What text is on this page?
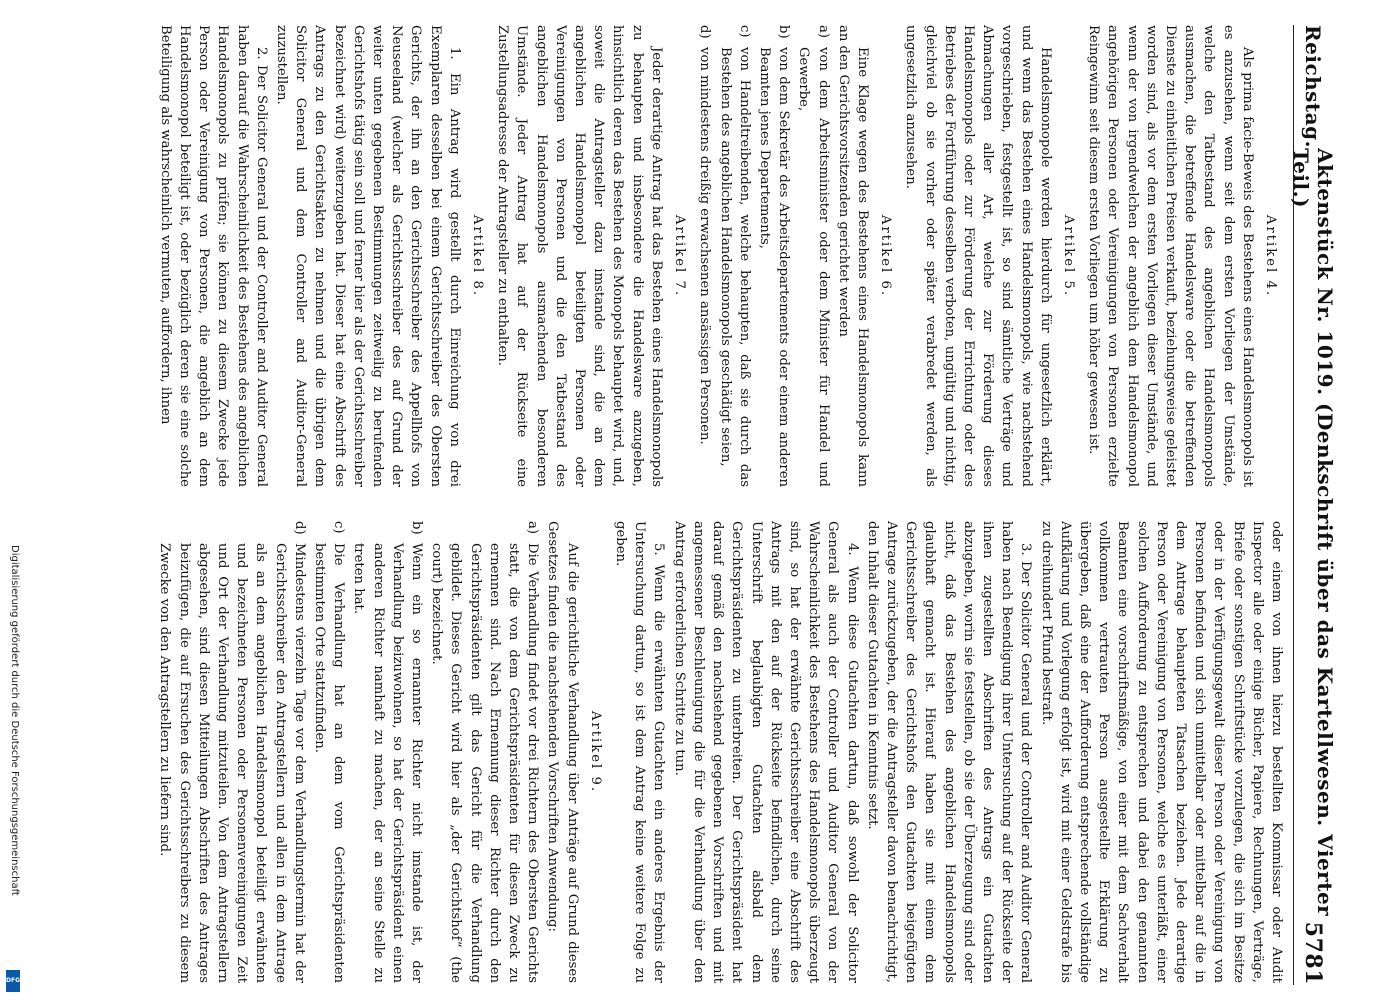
Digitalisierung gefördert durch die Deutsche Forschungsgemeinschaft
DFG
Reichstag.
Aktenstück Nr. 1019. (Denkschrift über das Kartellwesen. Vierter Teil.)
5781

Artikel 4.

Als prima facie-Beweis des Bestehens eines Handelsmonopols ist es anzusehen, wenn seit dem ersten Vorliegen der Umstände, welche den Tatbestand des angeblichen Handelsmonopols ausmachen, die betreffende Handelsware oder die betreffenden Dienste zu einheitlichen Preisen verkauft, beziehungsweise geleistet worden sind, als vor dem ersten Vorliegen dieser Umstände, und wenn der von irgendwelchen der angeblich dem Handelsmonopol angehörigen Personen oder Vereinigungen von Personen erzielte Reingewinn seit diesem ersten Vorliegen um höher gewesen ist.

Artikel 5.

Handelsmonopole werden hierdurch für ungesetzlich erklärt, und wenn das Bestehen eines Handelsmonopols, wie nachstehend vorgeschrieben, festgestellt ist, so sind sämtliche Verträge und Abmachungen aller Art, welche zur Förderung dieses Handelsmonopols oder zur Förderung der Errichtung oder des Betriebes der Fortführung desselben verboten, ungültig und nichtig, gleichviel ob sie vorher oder später verabredet werden, als ungesetzlich anzusehen.

Artikel 6.

Eine Klage wegen des Bestehens eines Handelsmonopols kann an den Gerichtsvorsitzenden gerichtet werden

a)
von dem Arbeitsminister oder dem Minister für Handel und Gewerbe,

b)
von dem Sekretär des Arbeitsdepartements oder einem anderen Beamten jenes Departements,

c)
von Handeltreibenden, welche behaupten, daß sie durch das Bestehen des angeblichen Handelsmonopols geschädigt seien,

d)
von mindestens dreißig erwachsenen ansässigen Personen.

Artikel 7.

Jeder derartige Antrag hat das Bestehen eines Handelsmonopols zu behaupten und insbesondere die Handelsware anzugeben, hinsichtlich deren das Bestehen des Monopols behauptet wird, und, soweit die Antragsteller dazu imstande sind, die an dem angeblichen Handelsmonopol beteiligten Personen oder Vereinigungen von Personen und die den Tatbestand des angeblichen Handelsmonopols ausmachenden besonderen Umstände. Jeder Antrag hat auf der Rückseite eine Zustellungsadresse der Antragsteller zu enthalten.

Artikel 8.

1. Ein Antrag wird gestellt durch Einreichung von drei Exemplaren desselben bei einem Gerichtsschreiber des Obersten Gerichts, der ihn an den Gerichtsschreiber des Appellhofs von Neuseeland (welcher als Gerichtsschreiber des auf Grund der weiter unten gegebenen Bestimmungen zeitweilig zu berufenden Gerichtshofs tätig sein soll und ferner hier als der Gerichtsschreiber bezeichnet wird) weiterzugeben hat. Dieser hat eine Abschrift des Antrags zu den Gerichtsakten zu nehmen und die übrigen dem Solicitor General und dem Controller and Auditor-General zuzustellen.

2. Der Solicitor General und der Controller and Auditor General haben darauf die Wahrscheinlichkeit des Bestehens des angeblichen Handelsmonopols zu prüfen; sie können zu diesem Zwecke jede Person oder Vereinigung von Personen, die angeblich an dem Handelsmonopol beteiligt ist, oder bezüglich deren sie eine solche Beteiligung als wahrscheinlich vermuten, auffordern, ihnen

oder einem von ihnen hierzu bestellten Kommissar oder Audit Inspector alle oder einige Bücher, Papiere, Rechnungen, Verträge, Briefe oder sonstigen Schriftstücke vorzulegen, die sich im Besitze oder in der Verfügungsgewalt dieser Person oder Vereinigung von Personen befinden und sich unmittelbar oder mittelbar auf die in dem Antrage behaupteten Tatsachen beziehen. Jede derartige Person oder Vereinigung von Personen, welche es unterläßt, einer solchen Aufforderung zu entsprechen und dabei den genannten Beamten eine vorschriftsmäßige, von einer mit dem Sachverhalt vollkommen vertrauten Person ausgestellte Erklärung zu übergeben, daß eine der Aufforderung entsprechende vollständige Aufklärung und Vorlegung erfolgt ist, wird mit einer Geldstrafe bis zu dreihundert Pfund bestraft.

3. Der Solicitor General und der Controller and Auditor General haben nach Beendigung ihrer Untersuchung auf der Rückseite der ihnen zugestellten Abschriften des Antrags ein Gutachten abzugeben, worin sie feststellen, ob sie der Überzeugung sind oder nicht, daß das Bestehen des angeblichen Handelsmonopols glaubhaft gemacht ist. Hierauf haben sie mit einem dem Gerichtsschreiber des Gerichtshofs den Gutachten beigefügten Antrage zurückzugeben, der die Antragsteller davon benachrichtigt, den Inhalt dieser Gutachten in Kenntnis setzt.

4. Wenn diese Gutachten dartun, daß sowohl der Solicitor General als auch der Controller und Auditor General von der Wahrscheinlichkeit des Bestehens des Handelsmonopols überzeugt sind, so hat der erwähnte Gerichtsschreiber eine Abschrift des Antrags mit den auf der Rückseite befindlichen, durch seine Unterschrift beglaubigten Gutachten alsbald dem Gerichtspräsidenten zu unterbreiten. Der Gerichtspräsident hat darauf gemäß den nachstehend gegebenen Vorschriften und mit angemessener Beschleunigung die für die Verhandlung über den Antrag erforderlichen Schritte zu tun.

5. Wenn die erwähnten Gutachten ein anderes Ergebnis der Untersuchung dartun, so ist dem Antrag keine weitere Folge zu geben.

Artikel 9.

Auf die gerichtliche Verhandlung über Anträge auf Grund dieses Gesetzes finden die nachstehenden Vorschriften Anwendung:

a)
Die Verhandlung findet vor drei Richtern des Obersten Gerichts statt, die von dem Gerichtspräsidenten für diesen Zweck zu ernennen sind. Nach Ernennung dieser Richter durch den Gerichtspräsidenten gilt das Gericht für die Verhandlung gebildet. Dieses Gericht wird hier als „der Gerichtshof“ (the court) bezeichnet.

b)
Wenn ein so ernannter Richter nicht imstande ist, der Verhandlung beizuwohnen, so hat der Gerichtspräsident einen anderen Richter namhaft zu machen, der an seine Stelle zu treten hat.

c)
Die Verhandlung hat an dem vom Gerichtspräsidenten bestimmten Orte stattzufinden.

d)
Mindestens vierzehn Tage vor dem Verhandlungstermin hat der Gerichtsschreiber den Antragstellern und allen in dem Antrage als an dem angeblichen Handelsmonopol beteiligt erwähnten und bezeichneten Personen oder Personenvereinigungen Zeit und Ort der Verhandlung mitzuteilen. Von dem Antragstellern abgesehen, sind diesen Mitteilungen Abschriften des Antrages beizufügen, die auf Ersuchen des Gerichtsschreibers zu diesem Zwecke von den Antragstellern zu liefern sind.
